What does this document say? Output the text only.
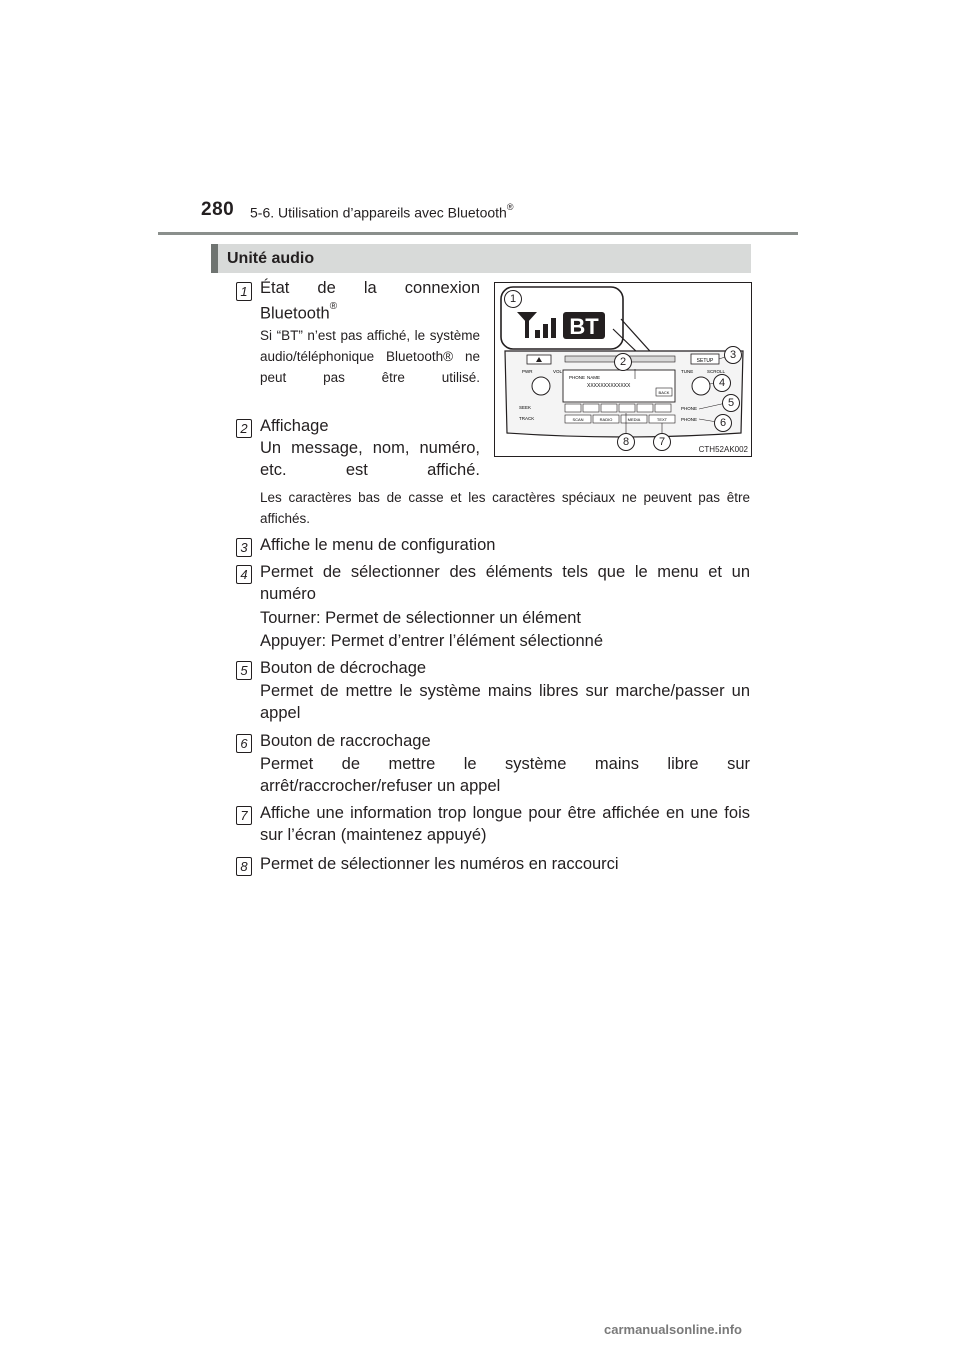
280 5-6. Utilisation d’appareils avec Bluetooth®
Unité audio
1 État de la connexion Bluetooth®
Si “BT” n’est pas affiché, le système audio/téléphonique Bluetooth® ne peut pas être utilisé.
2 Affichage
Un message, nom, numéro, etc. est affiché.
Les caractères bas de casse et les caractères spéciaux ne peuvent pas être affichés.
3 Affiche le menu de configuration
4 Permet de sélectionner des éléments tels que le menu et un numéro
Tourner: Permet de sélectionner un élément
Appuyer: Permet d’entrer l’élément sélectionné
5 Bouton de décrochage
Permet de mettre le système mains libres sur marche/passer un appel
6 Bouton de raccrochage
Permet de mettre le système mains libre sur arrêt/raccrocher/refuser un appel
7 Affiche une information trop longue pour être affichée en une fois sur l’écran (maintenez appuyé)
8 Permet de sélectionner les numéros en raccourci
BT
SETUP
PWR	VOL	TUNE	SCROLL
PHONE NAME
XXXXXXXXXXXXX
BACK
SEEK
TRACK
PHONE
PHONE
SCAN	RADIO	MEDIA	TEXT
1
2
3
4
5
6
7
8
CTH52AK002
carmanualsonline.info
